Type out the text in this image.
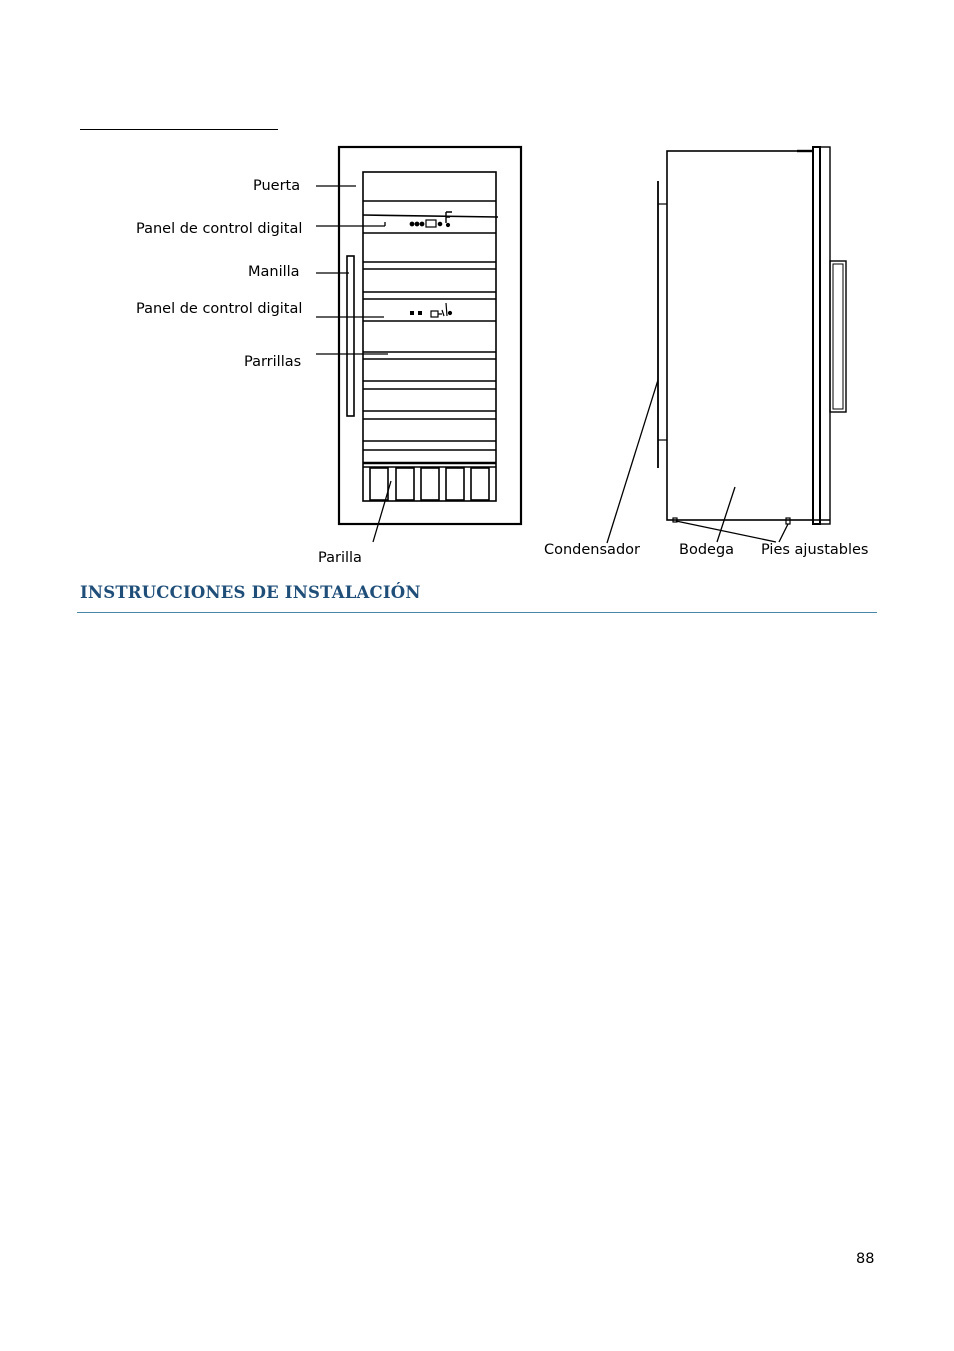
Puerta
Panel de control digital
Manilla
Panel de control digital
Parrillas
Parilla	Condensador	Bodega Pies ajustables
INSTRUCCIONES DE INSTALACIÓN
88
